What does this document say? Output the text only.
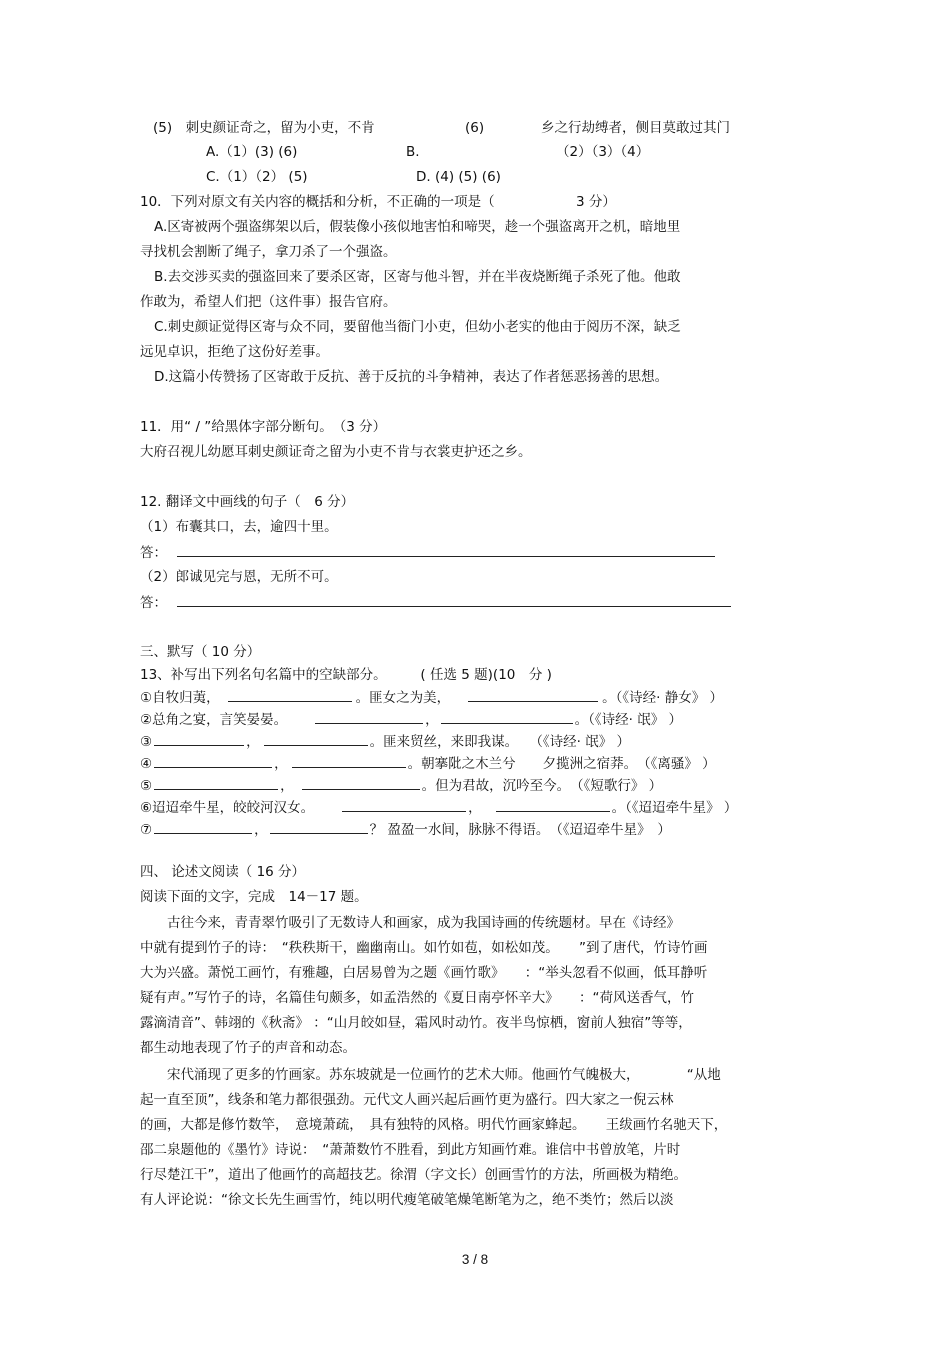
(5)　刺史颜证奇之，留为小吏，不肯	(6)	乡之行劫缚者，侧目莫敢过其门
A.（1）(3) (6)	B.	（2）（3）（4）
C.（1）（2） (5)	D. (4) (5) (6)
10．下列对原文有关内容的概括和分析，不正确的一项是（	3 分）
A.区寄被两个强盗绑架以后，假装像小孩似地害怕和啼哭，趁一个强盗离开之机，暗地里
寻找机会割断了绳子，拿刀杀了一个强盗。
B.去交涉买卖的强盗回来了要杀区寄，区寄与他斗智，并在半夜烧断绳子杀死了他。他敢
作敢为，希望人们把（这件事）报告官府。
C.刺史颜证觉得区寄与众不同，要留他当衙门小吏，但幼小老实的他由于阅历不深，缺乏
远见卓识，拒绝了这份好差事。
D.这篇小传赞扬了区寄敢于反抗、善于反抗的斗争精神，表达了作者惩恶扬善的思想。
11．用“ / ”给黑体字部分断句。　（3 分）
大府召视儿幼愿耳刺史颜证奇之留为小吏不肯与衣裳吏护还之乡。
12. 翻译文中画线的句子（　6 分）
（1）布囊其口，去，逾四十里。
答：
（2）郎诚见完与恩，无所不可。
答：
三、默写（ 10 分）
13、补写出下列名句名篇中的空缺部分。　　　( 任选 5 题)(10　分 )
①自牧归荑，	。匪女之为美，	。（《诗经· 静女》 ）
②总角之宴，言笑晏晏。	，	。（《诗经· 氓》 ）
③	，	。匪来贸丝，来即我谋。 （《诗经· 氓》 ）
④	，	。朝搴阰之木兰兮　　夕揽洲之宿莽。　（《离骚》 ）
⑤	，	。但为君故，沉吟至今。　（《短歌行》 ）
⑥迢迢牵牛星，皎皎河汉女。	，	。（《迢迢牵牛星》 ）
⑦	，	？ 盈盈一水间，脉脉不得语。　（《迢迢牵牛星》　）
四、 论述文阅读（ 16 分）
阅读下面的文字，完成　14－17 题。
　　古往今来，青青翠竹吸引了无数诗人和画家，成为我国诗画的传统题材。早在《诗经》
中就有提到竹子的诗：　“秩秩斯干，幽幽南山。如竹如苞，如松如茂。　　”到了唐代，竹诗竹画
大为兴盛。萧悦工画竹，有雅趣，白居易曾为之题《画竹歌》　　：“举头忽看不似画，低耳静听
疑有声。”写竹子的诗，名篇佳句颇多，如孟浩然的《夏日南亭怀辛大》　　：“荷风送香气，竹
露滴清音”、韩翊的《秋斋》 ：“山月皎如昼，霜风时动竹。夜半鸟惊栖，窗前人独宿”等等，
都生动地表现了竹子的声音和动态。
　　宋代涌现了更多的竹画家。苏东坡就是一位画竹的艺术大师。他画竹气魄极大，　　　　“从地
起一直至顶”，线条和笔力都很强劲。元代文人画兴起后画竹更为盛行。四大家之一倪云林
的画，大都是修竹数竿，　意境萧疏，　具有独特的风格。明代竹画家蜂起。　　王绂画竹名驰天下，
邵二泉题他的《墨竹》诗说：　“萧萧数竹不胜看，到此方知画竹难。谁信中书曾放笔，片时
行尽楚江干”，道出了他画竹的高超技艺。徐渭（字文长）创画雪竹的方法，所画极为精绝。
有人评论说：“徐文长先生画雪竹，纯以明代瘦笔破笔燥笔断笔为之，绝不类竹；然后以淡
3 / 8
